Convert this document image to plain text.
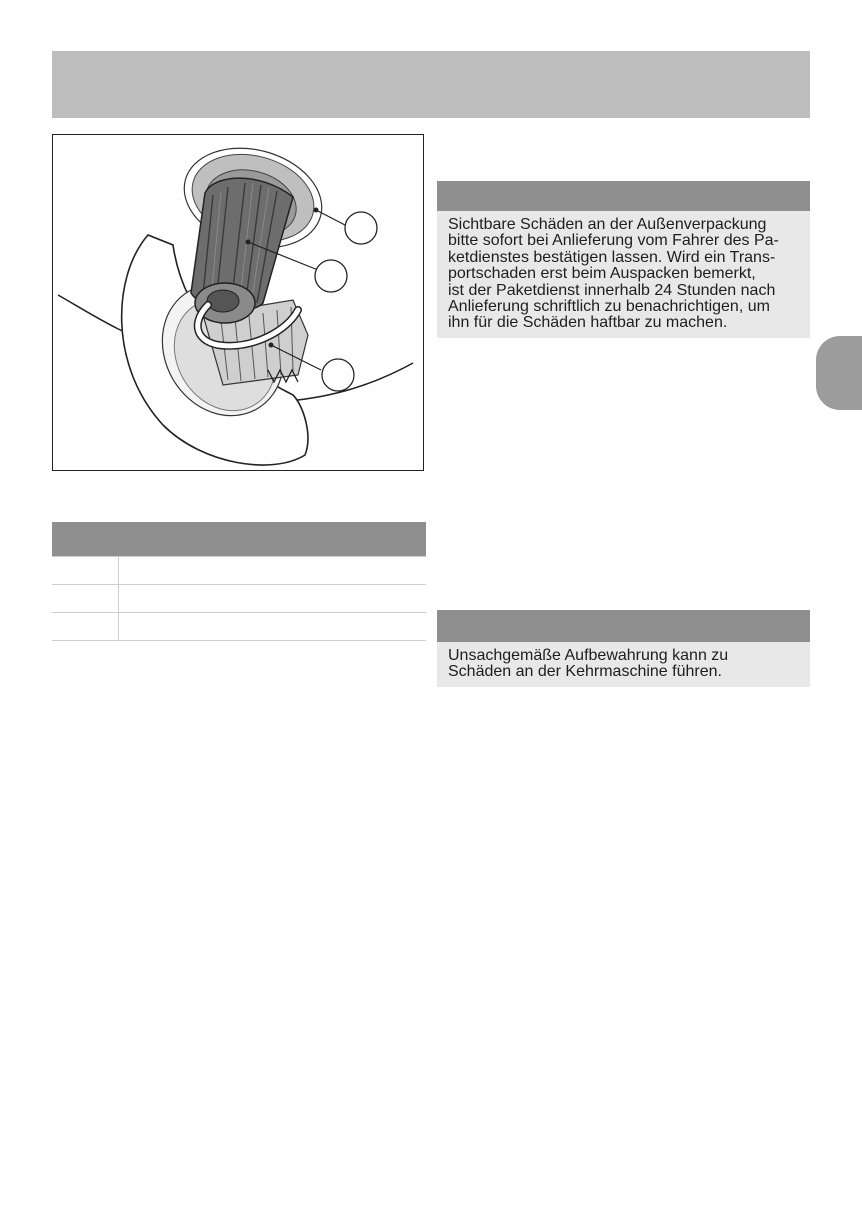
Sichtbare Schäden an der Außenverpackung
bitte sofort bei Anlieferung vom Fahrer des Pa-
ketdienstes bestätigen lassen. Wird ein Trans-
portschaden erst beim Auspacken bemerkt,
ist der Paketdienst innerhalb 24 Stunden nach
Anlieferung schriftlich zu benachrichtigen, um
ihn für die Schäden haftbar zu machen.
Unsachgemäße Aufbewahrung kann zu
Schäden an der Kehrmaschine führen.
